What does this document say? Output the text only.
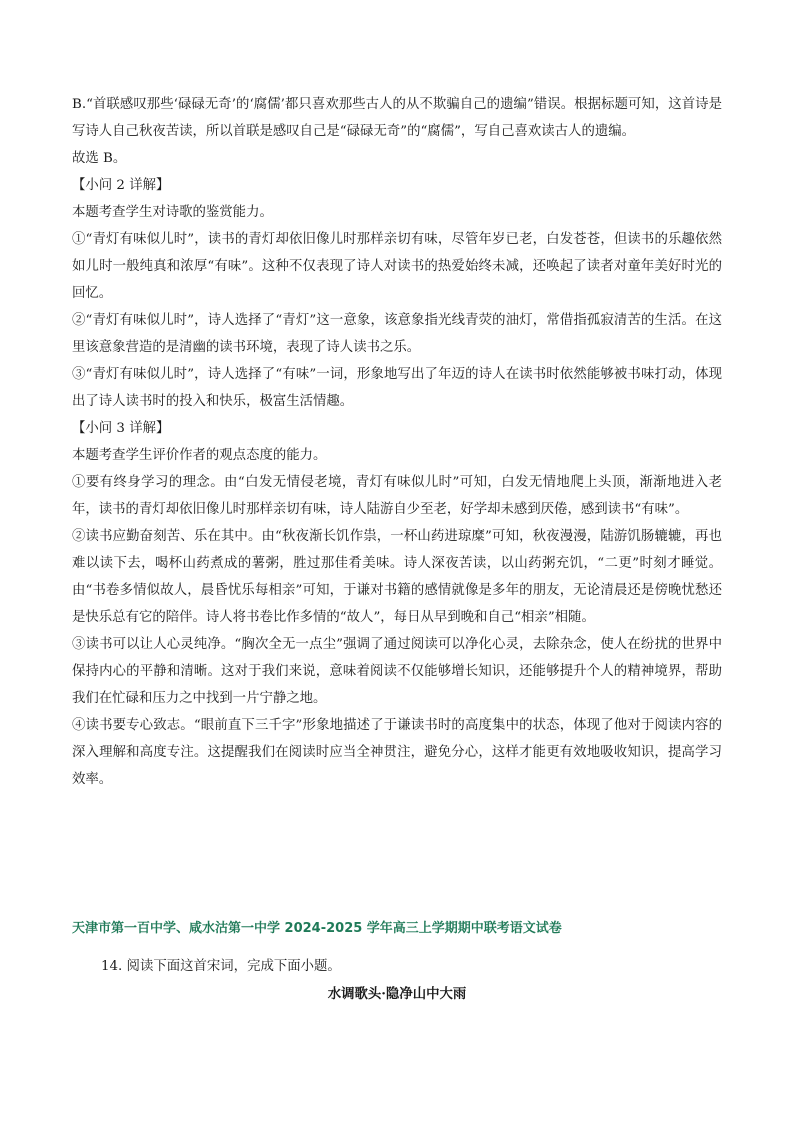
B.“首联感叹那些‘碌碌无奇’的‘腐儒’都只喜欢那些古人的从不欺骗自己的遗编”错误。根据标题可知，这首诗是写诗人自己秋夜苦读，所以首联是感叹自己是“碌碌无奇”的“腐儒”，写自己喜欢读古人的遗编。

故选 B。

【小问 2 详解】

本题考查学生对诗歌的鉴赏能力。

①“青灯有味似儿时”，读书的青灯却依旧像儿时那样亲切有味，尽管年岁已老，白发苍苍，但读书的乐趣依然如儿时一般纯真和浓厚“有味”。这种不仅表现了诗人对读书的热爱始终未减，还唤起了读者对童年美好时光的回忆。

②“青灯有味似儿时”，诗人选择了“青灯”这一意象，该意象指光线青荧的油灯，常借指孤寂清苦的生活。在这里该意象营造的是清幽的读书环境，表现了诗人读书之乐。

③“青灯有味似儿时”，诗人选择了“有味”一词，形象地写出了年迈的诗人在读书时依然能够被书味打动，体现出了诗人读书时的投入和快乐，极富生活情趣。

【小问 3 详解】

本题考查学生评价作者的观点态度的能力。

①要有终身学习的理念。由“白发无情侵老境，青灯有味似儿时”可知，白发无情地爬上头顶，渐渐地进入老年，读书的青灯却依旧像儿时那样亲切有味，诗人陆游自少至老，好学却未感到厌倦，感到读书“有味”。

②读书应勤奋刻苦、乐在其中。由“秋夜渐长饥作祟，一杯山药进琼糜”可知，秋夜漫漫，陆游饥肠辘辘，再也难以读下去，喝杯山药煮成的薯粥，胜过那佳肴美味。诗人深夜苦读，以山药粥充饥，“二更”时刻才睡觉。由“书卷多情似故人，晨昏忧乐每相亲”可知，于谦对书籍的感情就像是多年的朋友，无论清晨还是傍晚忧愁还是快乐总有它的陪伴。诗人将书卷比作多情的“故人”，每日从早到晚和自己“相亲”相随。

③读书可以让人心灵纯净。“胸次全无一点尘”强调了通过阅读可以净化心灵，去除杂念，使人在纷扰的世界中保持内心的平静和清晰。这对于我们来说，意味着阅读不仅能够增长知识，还能够提升个人的精神境界，帮助我们在忙碌和压力之中找到一片宁静之地。

④读书要专心致志。“眼前直下三千字”形象地描述了于谦读书时的高度集中的状态，体现了他对于阅读内容的深入理解和高度专注。这提醒我们在阅读时应当全神贯注，避免分心，这样才能更有效地吸收知识，提高学习效率。

天津市第一百中学、咸水沽第一中学 2024-2025 学年高三上学期期中联考语文试卷
14. 阅读下面这首宋词，完成下面小题。
水调歌头·隐净山中大雨
